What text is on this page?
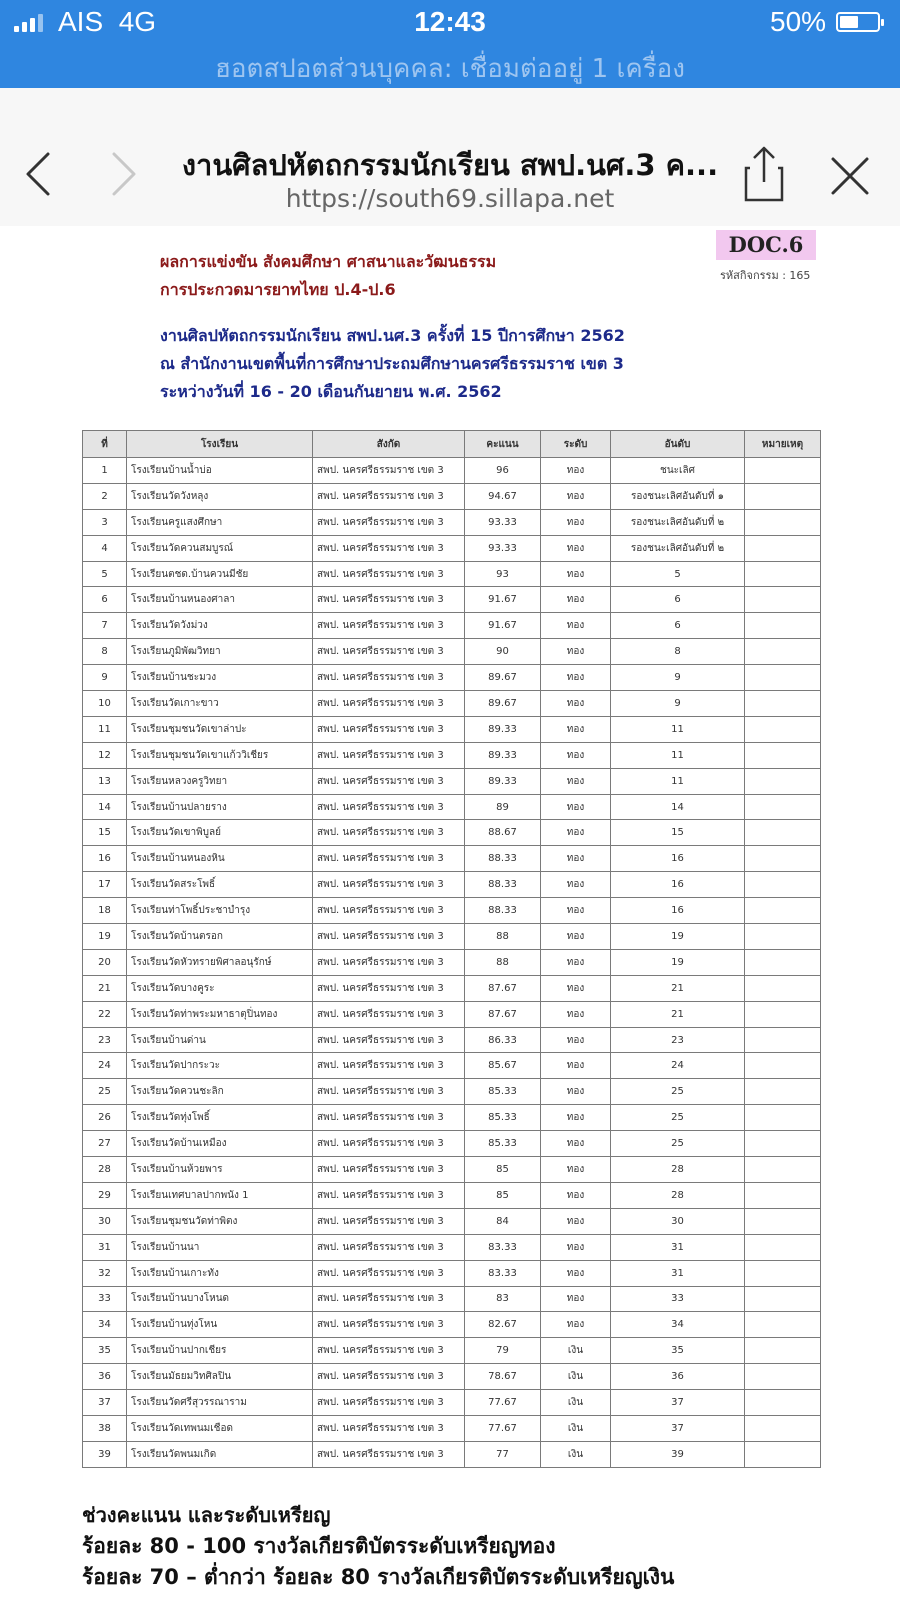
AIS 4G	12:43	50%
ฮอตสปอตส่วนบุคคล: เชื่อมต่ออยู่ 1 เครื่อง
งานศิลปหัตถกรรมนักเรียน สพป.นศ.3 ค...
https://south69.sillapa.net
DOC.6
รหัสกิจกรรม : 165
ผลการแข่งขัน สังคมศึกษา ศาสนาและวัฒนธรรม
การประกวดมารยาทไทย ป.4-ป.6
งานศิลปหัตถกรรมนักเรียน สพป.นศ.3 ครั้งที่ 15 ปีการศึกษา 2562
ณ สำนักงานเขตพื้นที่การศึกษาประถมศึกษานครศรีธรรมราช เขต 3
ระหว่างวันที่ 16 - 20 เดือนกันยายน พ.ศ. 2562
ที่	โรงเรียน	สังกัด	คะแนน	ระดับ	อันดับ	หมายเหตุ
1	โรงเรียนบ้านน้ำบ่อ	สพป. นครศรีธรรมราช เขต 3	96	ทอง	ชนะเลิศ	
2	โรงเรียนวัดวังหลุง	สพป. นครศรีธรรมราช เขต 3	94.67	ทอง	รองชนะเลิศอันดับที่ ๑	
3	โรงเรียนครูแสงศึกษา	สพป. นครศรีธรรมราช เขต 3	93.33	ทอง	รองชนะเลิศอันดับที่ ๒	
4	โรงเรียนวัดควนสมบูรณ์	สพป. นครศรีธรรมราช เขต 3	93.33	ทอง	รองชนะเลิศอันดับที่ ๒	
5	โรงเรียนตชด.บ้านควนมีชัย	สพป. นครศรีธรรมราช เขต 3	93	ทอง	5	
6	โรงเรียนบ้านหนองศาลา	สพป. นครศรีธรรมราช เขต 3	91.67	ทอง	6	
7	โรงเรียนวัดวังม่วง	สพป. นครศรีธรรมราช เขต 3	91.67	ทอง	6	
8	โรงเรียนภูมิพัฒวิทยา	สพป. นครศรีธรรมราช เขต 3	90	ทอง	8	
9	โรงเรียนบ้านชะมวง	สพป. นครศรีธรรมราช เขต 3	89.67	ทอง	9	
10	โรงเรียนวัดเกาะขาว	สพป. นครศรีธรรมราช เขต 3	89.67	ทอง	9	
11	โรงเรียนชุมชนวัดเขาล่าปะ	สพป. นครศรีธรรมราช เขต 3	89.33	ทอง	11	
12	โรงเรียนชุมชนวัดเขาแก้ววิเชียร	สพป. นครศรีธรรมราช เขต 3	89.33	ทอง	11	
13	โรงเรียนหลวงครูวิทยา	สพป. นครศรีธรรมราช เขต 3	89.33	ทอง	11	
14	โรงเรียนบ้านปลายราง	สพป. นครศรีธรรมราช เขต 3	89	ทอง	14	
15	โรงเรียนวัดเขาพิบูลย์	สพป. นครศรีธรรมราช เขต 3	88.67	ทอง	15	
16	โรงเรียนบ้านหนองหิน	สพป. นครศรีธรรมราช เขต 3	88.33	ทอง	16	
17	โรงเรียนวัดสระโพธิ์	สพป. นครศรีธรรมราช เขต 3	88.33	ทอง	16	
18	โรงเรียนท่าโพธิ์ประชาบำรุง	สพป. นครศรีธรรมราช เขต 3	88.33	ทอง	16	
19	โรงเรียนวัดบ้านตรอก	สพป. นครศรีธรรมราช เขต 3	88	ทอง	19	
20	โรงเรียนวัดหัวทรายพิศาลอนุรักษ์	สพป. นครศรีธรรมราช เขต 3	88	ทอง	19	
21	โรงเรียนวัดบางคูระ	สพป. นครศรีธรรมราช เขต 3	87.67	ทอง	21	
22	โรงเรียนวัดท่าพระมหาธาตุปิ่นทอง	สพป. นครศรีธรรมราช เขต 3	87.67	ทอง	21	
23	โรงเรียนบ้านด่าน	สพป. นครศรีธรรมราช เขต 3	86.33	ทอง	23	
24	โรงเรียนวัดปากระวะ	สพป. นครศรีธรรมราช เขต 3	85.67	ทอง	24	
25	โรงเรียนวัดควนชะลิก	สพป. นครศรีธรรมราช เขต 3	85.33	ทอง	25	
26	โรงเรียนวัดทุ่งโพธิ์	สพป. นครศรีธรรมราช เขต 3	85.33	ทอง	25	
27	โรงเรียนวัดบ้านเหมือง	สพป. นครศรีธรรมราช เขต 3	85.33	ทอง	25	
28	โรงเรียนบ้านห้วยพาร	สพป. นครศรีธรรมราช เขต 3	85	ทอง	28	
29	โรงเรียนเทศบาลปากพนัง 1	สพป. นครศรีธรรมราช เขต 3	85	ทอง	28	
30	โรงเรียนชุมชนวัดท่าพิตง	สพป. นครศรีธรรมราช เขต 3	84	ทอง	30	
31	โรงเรียนบ้านนา	สพป. นครศรีธรรมราช เขต 3	83.33	ทอง	31	
32	โรงเรียนบ้านเกาะทัง	สพป. นครศรีธรรมราช เขต 3	83.33	ทอง	31	
33	โรงเรียนบ้านบางโหนด	สพป. นครศรีธรรมราช เขต 3	83	ทอง	33	
34	โรงเรียนบ้านทุ่งโหน	สพป. นครศรีธรรมราช เขต 3	82.67	ทอง	34	
35	โรงเรียนบ้านปากเชียร	สพป. นครศรีธรรมราช เขต 3	79	เงิน	35	
36	โรงเรียนมัธยมวิทศิลปิน	สพป. นครศรีธรรมราช เขต 3	78.67	เงิน	36	
37	โรงเรียนวัดศรีสุวรรณาราม	สพป. นครศรีธรรมราช เขต 3	77.67	เงิน	37	
38	โรงเรียนวัดเทพนมเชือด	สพป. นครศรีธรรมราช เขต 3	77.67	เงิน	37	
39	โรงเรียนวัดพนมเกิด	สพป. นครศรีธรรมราช เขต 3	77	เงิน	39	
ช่วงคะแนน และระดับเหรียญ
ร้อยละ 80 - 100 รางวัลเกียรติบัตรระดับเหรียญทอง
ร้อยละ 70 – ต่ำกว่า ร้อยละ 80 รางวัลเกียรติบัตรระดับเหรียญเงิน
